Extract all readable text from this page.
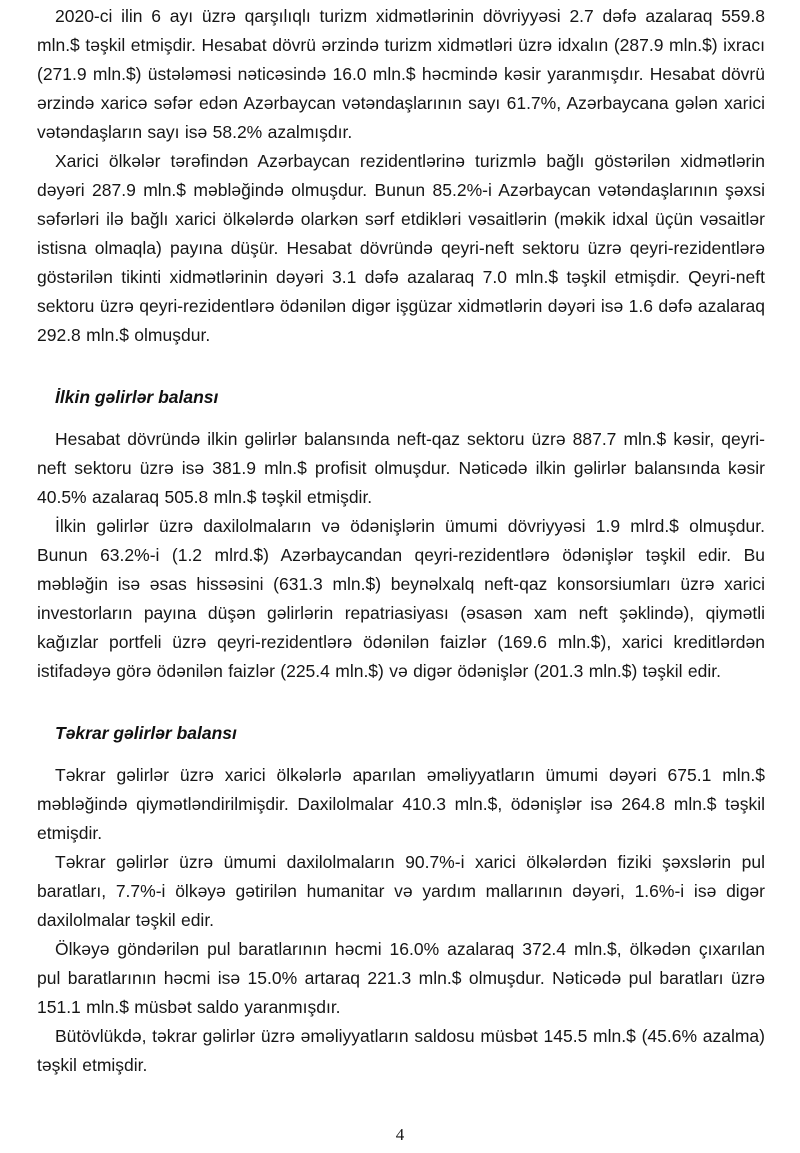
2020-ci ilin 6 ayı üzrə qarşılıqlı turizm xidmətlərinin dövriyyəsi 2.7 dəfə azalaraq 559.8 mln.$ təşkil etmişdir. Hesabat dövrü ərzində turizm xidmətləri üzrə idxalın (287.9 mln.$) ixracı (271.9 mln.$) üstələməsi nəticəsində 16.0 mln.$ həcmində kəsir yaranmışdır. Hesabat dövrü ərzində xaricə səfər edən Azərbaycan vətəndaşlarının sayı 61.7%, Azərbaycana gələn xarici vətəndaşların sayı isə 58.2% azalmışdır.

Xarici ölkələr tərəfindən Azərbaycan rezidentlərinə turizmlə bağlı göstərilən xidmətlərin dəyəri 287.9 mln.$ məbləğində olmuşdur. Bunun 85.2%-i Azərbaycan vətəndaşlarının şəxsi səfərləri ilə bağlı xarici ölkələrdə olarkən sərf etdikləri vəsaitlərin (məkik idxal üçün vəsaitlər istisna olmaqla) payına düşür. Hesabat dövründə qeyri-neft sektoru üzrə qeyri-rezidentlərə göstərilən tikinti xidmətlərinin dəyəri 3.1 dəfə azalaraq 7.0 mln.$ təşkil etmişdir. Qeyri-neft sektoru üzrə qeyri-rezidentlərə ödənilən digər işgüzar xidmətlərin dəyəri isə 1.6 dəfə azalaraq 292.8 mln.$ olmuşdur.

İlkin gəlirlər balansı

Hesabat dövründə ilkin gəlirlər balansında neft-qaz sektoru üzrə 887.7 mln.$ kəsir, qeyri-neft sektoru üzrə isə 381.9 mln.$ profisit olmuşdur. Nəticədə ilkin gəlirlər balansında kəsir 40.5% azalaraq 505.8 mln.$ təşkil etmişdir.

İlkin gəlirlər üzrə daxilolmaların və ödənişlərin ümumi dövriyyəsi 1.9 mlrd.$ olmuşdur. Bunun 63.2%-i (1.2 mlrd.$) Azərbaycandan qeyri-rezidentlərə ödənişlər təşkil edir. Bu məbləğin isə əsas hissəsini (631.3 mln.$) beynəlxalq neft-qaz konsorsiumları üzrə xarici investorların payına düşən gəlirlərin repatriasiyası (əsasən xam neft şəklində), qiymətli kağızlar portfeli üzrə qeyri-rezidentlərə ödənilən faizlər (169.6 mln.$), xarici kreditlərdən istifadəyə görə ödənilən faizlər (225.4 mln.$) və digər ödənişlər (201.3 mln.$) təşkil edir.

Təkrar gəlirlər balansı

Təkrar gəlirlər üzrə xarici ölkələrlə aparılan əməliyyatların ümumi dəyəri 675.1 mln.$ məbləğində qiymətləndirilmişdir. Daxilolmalar 410.3 mln.$, ödənişlər isə 264.8 mln.$ təşkil etmişdir.

Təkrar gəlirlər üzrə ümumi daxilolmaların 90.7%-i xarici ölkələrdən fiziki şəxslərin pul baratları, 7.7%-i ölkəyə gətirilən humanitar və yardım mallarının dəyəri, 1.6%-i isə digər daxilolmalar təşkil edir.

Ölkəyə göndərilən pul baratlarının həcmi 16.0% azalaraq 372.4 mln.$, ölkədən çıxarılan pul baratlarının həcmi isə 15.0% artaraq 221.3 mln.$ olmuşdur. Nəticədə pul baratları üzrə 151.1 mln.$ müsbət saldo yaranmışdır.

Bütövlükdə, təkrar gəlirlər üzrə əməliyyatların saldosu müsbət 145.5 mln.$ (45.6% azalma) təşkil etmişdir.

4
